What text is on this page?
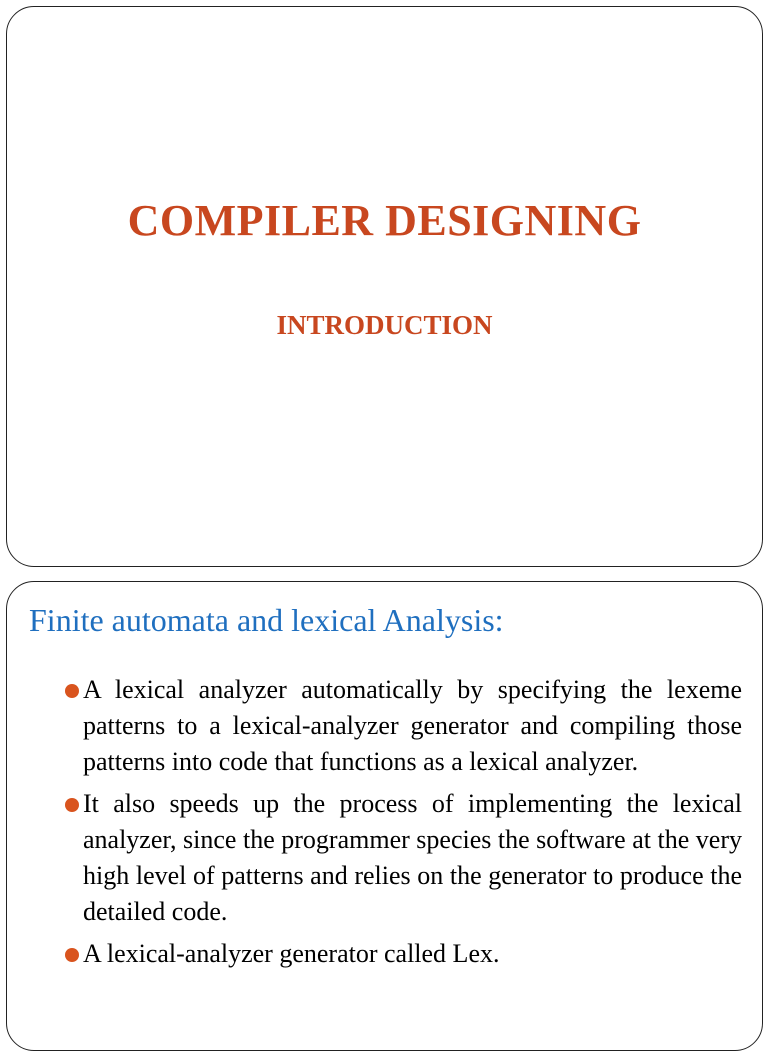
COMPILER DESIGNING
INTRODUCTION
Finite automata and lexical Analysis:
A lexical analyzer automatically by specifying the lexeme patterns to a lexical-analyzer generator and compiling those patterns into code that functions as a lexical analyzer.
It also speeds up the process of implementing the lexical analyzer, since the programmer species the software at the very high level of patterns and relies on the generator to produce the detailed code.
A lexical-analyzer generator called Lex.
